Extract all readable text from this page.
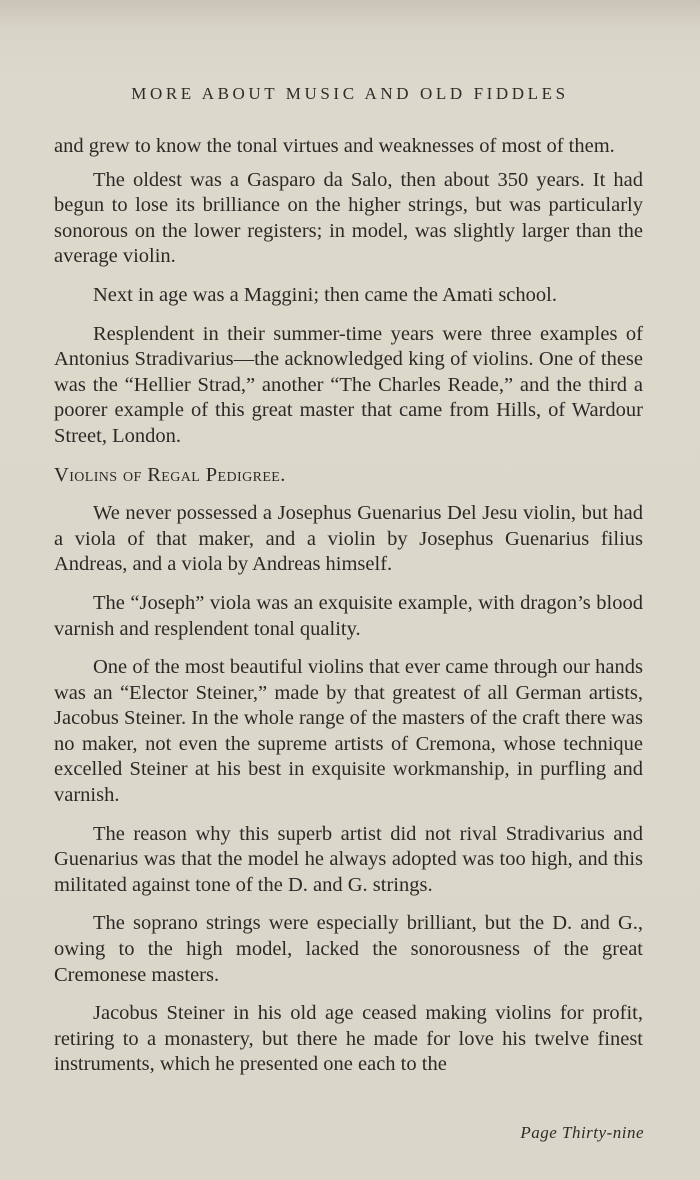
MORE ABOUT MUSIC AND OLD FIDDLES

and grew to know the tonal virtues and weaknesses of most of them.

The oldest was a Gasparo da Salo, then about 350 years. It had begun to lose its brilliance on the higher strings, but was particularly sonorous on the lower registers; in model, was slightly larger than the average violin.

Next in age was a Maggini; then came the Amati school.

Resplendent in their summer-time years were three examples of Antonius Stradivarius—the acknowledged king of violins. One of these was the “Hellier Strad,” another “The Charles Reade,” and the third a poorer example of this great master that came from Hills, of Wardour Street, London.

Violins of Regal Pedigree.

We never possessed a Josephus Guenarius Del Jesu violin, but had a viola of that maker, and a violin by Josephus Guenarius filius Andreas, and a viola by Andreas himself.

The “Joseph” viola was an exquisite example, with dragon’s blood varnish and resplendent tonal quality.

One of the most beautiful violins that ever came through our hands was an “Elector Steiner,” made by that greatest of all German artists, Jacobus Steiner. In the whole range of the masters of the craft there was no maker, not even the supreme artists of Cremona, whose technique excelled Steiner at his best in exquisite workmanship, in purfling and varnish.

The reason why this superb artist did not rival Stradivarius and Guenarius was that the model he always adopted was too high, and this militated against tone of the D. and G. strings.

The soprano strings were especially brilliant, but the D. and G., owing to the high model, lacked the sonorousness of the great Cremonese masters.

Jacobus Steiner in his old age ceased making violins for profit, retiring to a monastery, but there he made for love his twelve finest instruments, which he presented one each to the

Page Thirty-nine
